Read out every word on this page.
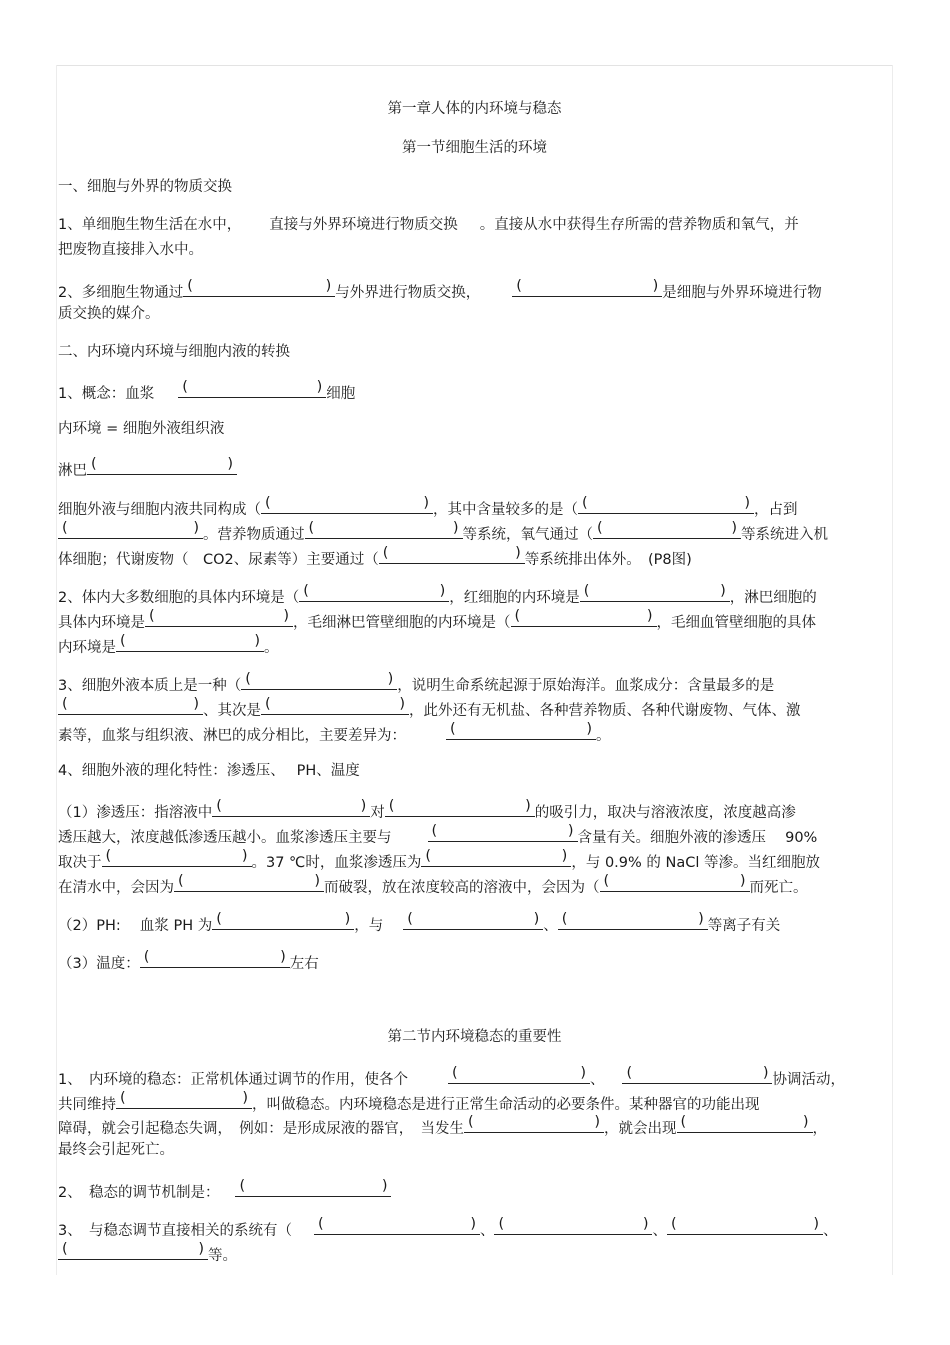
第一章人体的内环境与稳态
第一节细胞生活的环境
一、细胞与外界的物质交换
1、单细胞生物生活在水中， 直接与外界环境进行物质交换 。直接从水中获得生存所需的营养物质和氧气，并
把废物直接排入水中。
2、多细胞生物通过 ( )	与外界进行物质交换， ( )	是细胞与外界环境进行物
质交换的媒介。
二、内环境内环境与细胞内液的转换
1、概念：血浆 ( )	细胞
内环境 = 细胞外液组织液
淋巴( )
细胞外液与细胞内液共同构成（ ( )	，其中含量较多的是（ ( )	，占到
( )。营养物质通过 ( )	等系统，氧气通过（ ( )	等系统进入机
体细胞；代谢废物（　CO2、尿素等）主要通过（ ( )	等系统排出体外。　(P8图)
2、体内大多数细胞的具体内环境是（ ( )	，红细胞的内环境是 ( )	，淋巴细胞的
具体内环境是 ( )	，毛细淋巴管壁细胞的内环境是（ ( )	，毛细血管壁细胞的具体
内环境是 ( )	。
3、细胞外液本质上是一种（ ( )	，说明生命系统起源于原始海洋。血浆成分：含量最多的是
( )、其次是 ( )	，此外还有无机盐、各种营养物质、各种代谢废物、气体、激
素等，血浆与组织液、淋巴的成分相比，主要差异为： ( )	。
4、细胞外液的理化特性：渗透压、　 PH、温度
（1）渗透压：指溶液中 ( )	对 ( )	的吸引力，取决与溶液浓度，浓度越高渗
透压越大，浓度越低渗透压越小。血浆渗透压主要与 ( )	含量有关。细胞外液的渗透压　 90%
取决于 ( )	。37 ℃时，血浆渗透压为 ( )	，与 0.9% 的 NaCl 等渗。当红细胞放
在清水中，会因为 ( )	而破裂，放在浓度较高的溶液中，会因为（ ( )	而死亡。
（2）PH:　 血浆 PH 为 ( )	，与 ( )	、 ( )	等离子有关
（3）温度： ( )	左右
第二节内环境稳态的重要性
1、　内环境的稳态：正常机体通过调节的作用，使各个 ( )	、 ( )	协调活动，
共同维持 ( )	，叫做稳态。内环境稳态是进行正常生命活动的必要条件。某种器官的功能出现
障碍，就会引起稳态失调，　例如：是形成尿液的器官，　当发生 ( )	，就会出现 ( )	，
最终会引起死亡。
2、　稳态的调节机制是：( )
3、　与稳态调节直接相关的系统有（ ( )	、 ( )	、 ( )	、
( )等。
